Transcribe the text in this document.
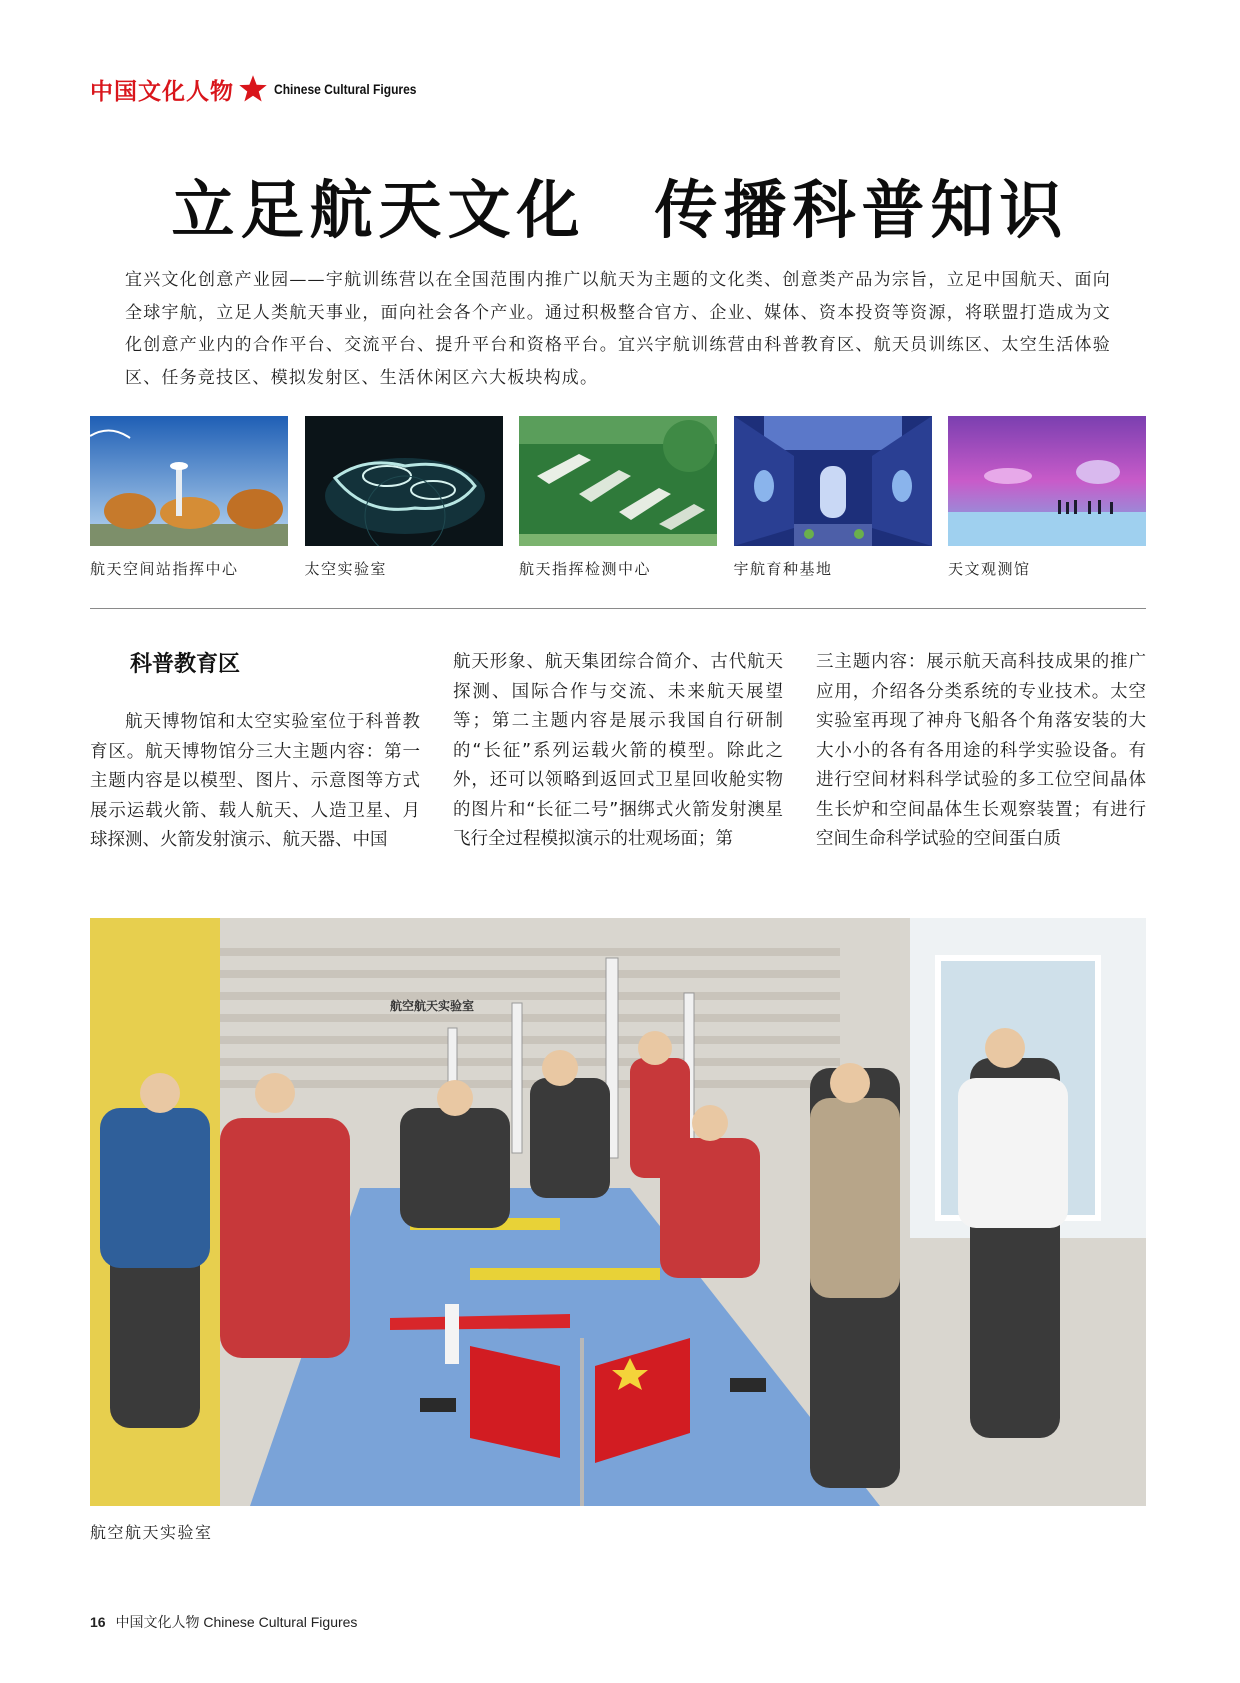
中国文化人物	Chinese Cultural Figures
立足航天文化　传播科普知识

宜兴文化创意产业园——宇航训练营以在全国范围内推广以航天为主题的文化类、创意类产品为宗旨，立足中国航天、面向全球宇航，立足人类航天事业，面向社会各个产业。通过积极整合官方、企业、媒体、资本投资等资源，将联盟打造成为文化创意产业内的合作平台、交流平台、提升平台和资格平台。宜兴宇航训练营由科普教育区、航天员训练区、太空生活体验区、任务竞技区、模拟发射区、生活休闲区六大板块构成。

航天空间站指挥中心	太空实验室	航天指挥检测中心	宇航育种基地	天文观测馆
科普教育区

航天博物馆和太空实验室位于科普教育区。航天博物馆分三大主题内容：第一主题内容是以模型、图片、示意图等方式展示运载火箭、载人航天、人造卫星、月球探测、火箭发射演示、航天器、中国

航天形象、航天集团综合简介、古代航天探测、国际合作与交流、未来航天展望等；第二主题内容是展示我国自行研制的“长征”系列运载火箭的模型。除此之外，还可以领略到返回式卫星回收舱实物的图片和“长征二号”捆绑式火箭发射澳星飞行全过程模拟演示的壮观场面；第

三主题内容：展示航天高科技成果的推广应用，介绍各分类系统的专业技术。太空实验室再现了神舟飞船各个角落安装的大大小小的各有各用途的科学实验设备。有进行空间材料科学试验的多工位空间晶体生长炉和空间晶体生长观察装置；有进行空间生命科学试验的空间蛋白质

航空航天实验室
航空航天实验室
16 中国文化人物 Chinese Cultural Figures
